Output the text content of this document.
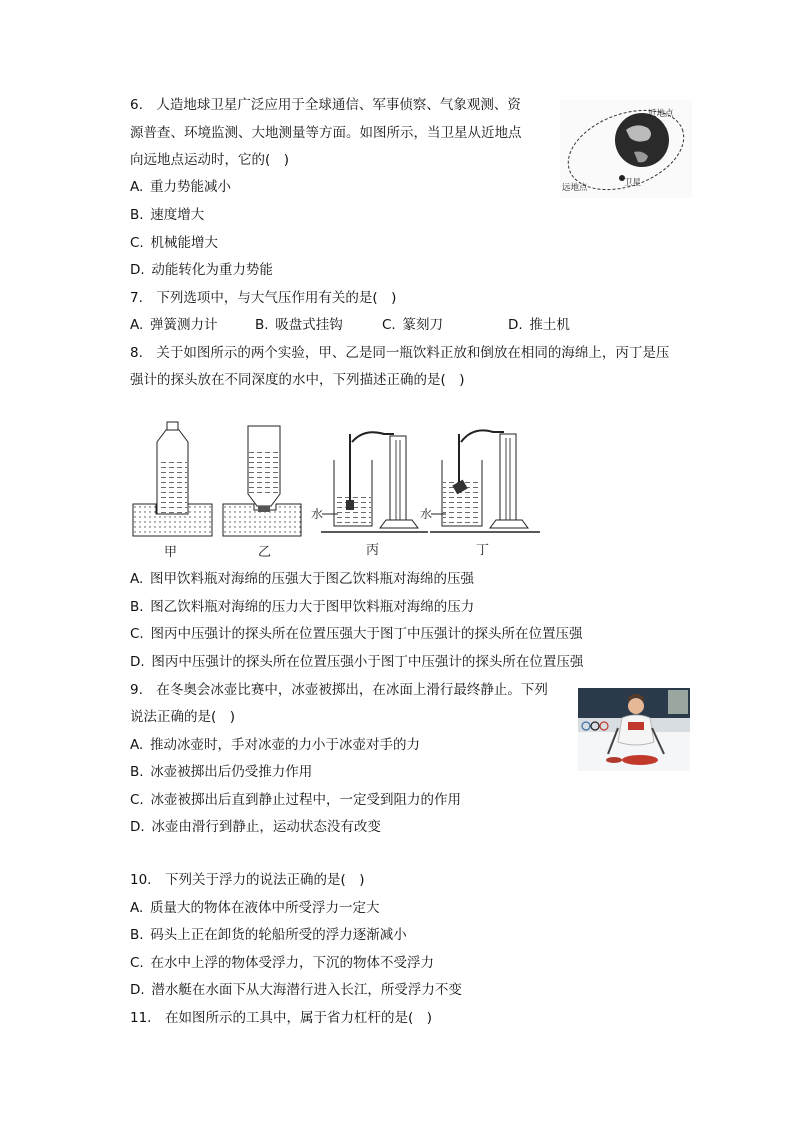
6.　人造地球卫星广泛应用于全球通信、军事侦察、气象观测、资
源普查、环境监测、大地测量等方面。如图所示，当卫星从近地点
向远地点运动时，它的(　)
A. 重力势能减小
B. 速度增大
C. 机械能增大
D. 动能转化为重力势能
近地点
远地点	卫星
7.　下列选项中，与大气压作用有关的是(　)
A. 弹簧测力计	B. 吸盘式挂钩	C. 篆刻刀	D. 推土机
8.　关于如图所示的两个实验，甲、乙是同一瓶饮料正放和倒放在相同的海绵上，丙丁是压
强计的探头放在不同深度的水中，下列描述正确的是(　)
水	水
甲	乙	丙	丁
A. 图甲饮料瓶对海绵的压强大于图乙饮料瓶对海绵的压强
B. 图乙饮料瓶对海绵的压力大于图甲饮料瓶对海绵的压力
C. 图丙中压强计的探头所在位置压强大于图丁中压强计的探头所在位置压强
D. 图丙中压强计的探头所在位置压强小于图丁中压强计的探头所在位置压强
9.　在冬奥会冰壶比赛中，冰壶被掷出，在冰面上滑行最终静止。下列
说法正确的是(　)
A. 推动冰壶时，手对冰壶的力小于冰壶对手的力
B. 冰壶被掷出后仍受推力作用
C. 冰壶被掷出后直到静止过程中，一定受到阻力的作用
D. 冰壶由滑行到静止，运动状态没有改变
10.　下列关于浮力的说法正确的是(　)
A. 质量大的物体在液体中所受浮力一定大
B. 码头上正在卸货的轮船所受的浮力逐渐减小
C. 在水中上浮的物体受浮力，下沉的物体不受浮力
D. 潜水艇在水面下从大海潜行进入长江，所受浮力不变
11.　在如图所示的工具中，属于省力杠杆的是(　)
